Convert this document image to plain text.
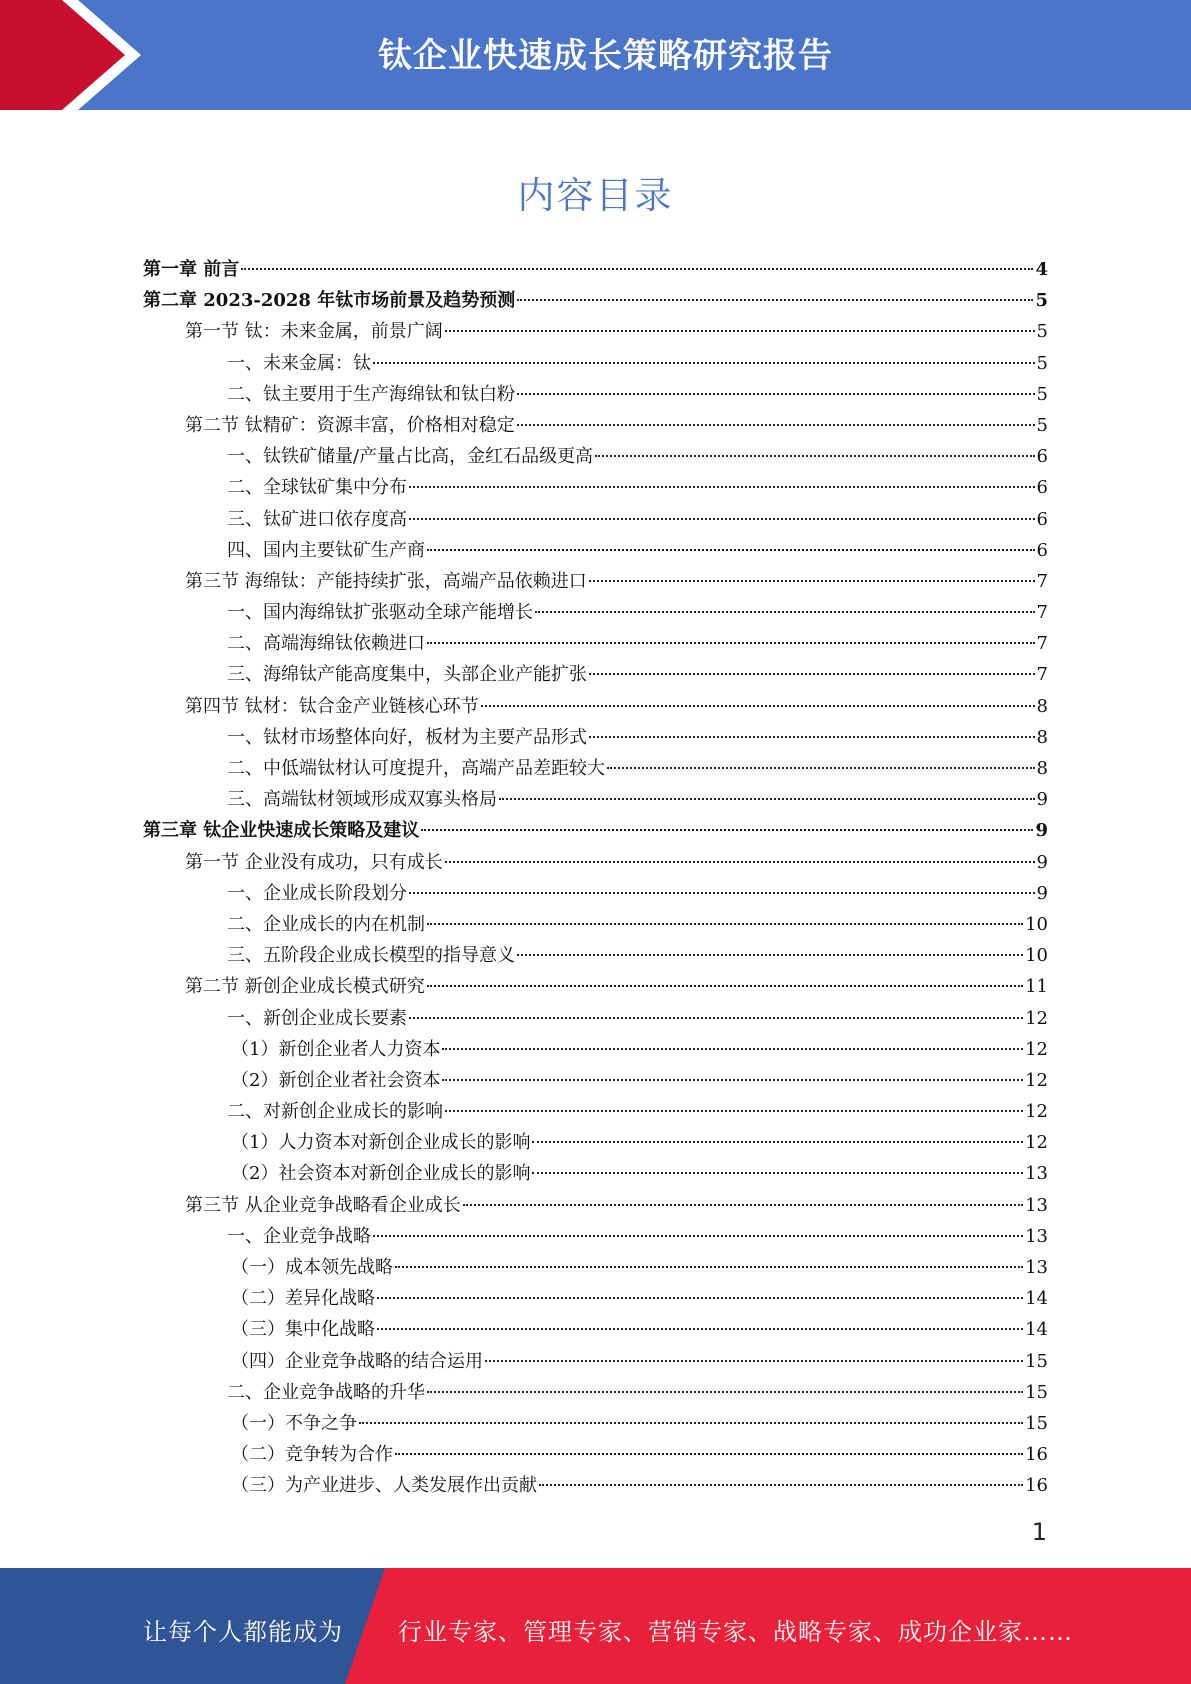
钛企业快速成长策略研究报告
内容目录
第一章 前言	4
第二章 2023-2028 年钛市场前景及趋势预测	5
第一节 钛：未来金属，前景广阔	5
一、未来金属：钛	5
二、钛主要用于生产海绵钛和钛白粉	5
第二节 钛精矿：资源丰富，价格相对稳定	5
一、钛铁矿储量/产量占比高，金红石品级更高	6
二、全球钛矿集中分布	6
三、钛矿进口依存度高	6
四、国内主要钛矿生产商	6
第三节 海绵钛：产能持续扩张，高端产品依赖进口	7
一、国内海绵钛扩张驱动全球产能增长	7
二、高端海绵钛依赖进口	7
三、海绵钛产能高度集中，头部企业产能扩张	7
第四节 钛材：钛合金产业链核心环节	8
一、钛材市场整体向好，板材为主要产品形式	8
二、中低端钛材认可度提升，高端产品差距较大	8
三、高端钛材领域形成双寡头格局	9
第三章 钛企业快速成长策略及建议	9
第一节 企业没有成功，只有成长	9
一、企业成长阶段划分	9
二、企业成长的内在机制	10
三、五阶段企业成长模型的指导意义	10
第二节 新创企业成长模式研究	11
一、新创企业成长要素	12
（1）新创企业者人力资本	12
（2）新创企业者社会资本	12
二、对新创企业成长的影响	12
（1）人力资本对新创企业成长的影响	12
（2）社会资本对新创企业成长的影响	13
第三节 从企业竞争战略看企业成长	13
一、企业竞争战略	13
（一）成本领先战略	13
（二）差异化战略	14
（三）集中化战略	14
（四）企业竞争战略的结合运用	15
二、企业竞争战略的升华	15
（一）不争之争	15
（二）竞争转为合作	16
（三）为产业进步、人类发展作出贡献	16
1
让每个人都能成为 行业专家、管理专家、营销专家、战略专家、成功企业家……
